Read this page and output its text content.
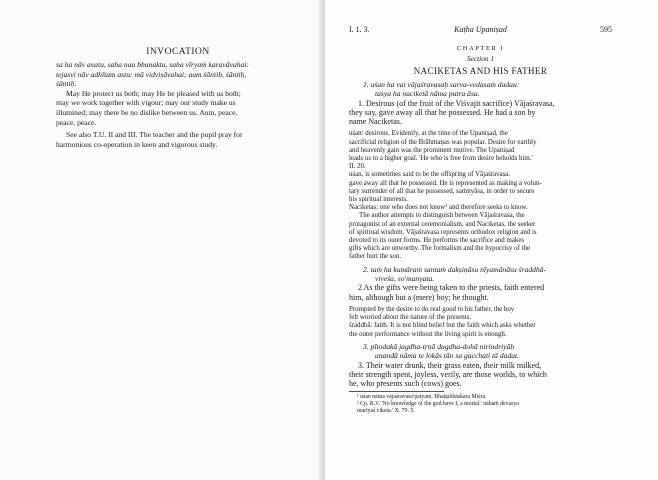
INVOCATION

sa ha nāv avatu, saha nau bhunaktu, saha vīryaṁ karavāvahai:

tejasvi nāv adhītam astu: mā vidviṣāvahai; aum śāntiḥ, śāntiḥ,

śāntiḥ.

May He protect us both; may He be pleased with us both;

may we work together with vigour; may our study make us

illumined; may there be no dislike between us. Aum, peace,

peace, peace.

See also T.U. II and III. The teacher and the pupil pray for

harmonious co-operation in keen and vigorous study.

I. 1. 3.	Kaṭha Upaniṣad	595

CHAPTER I

Section 1

NACIKETAS AND HIS FATHER

1. uśan ha vai vājaśravasaḥ sarva-vedasaṁ dadau:

tasya ha naciketā nāma putra āsa.

1. Desirous (of the fruit of the Viśvajit sacrifice) Vājaśravasa,

they say, gave away all that he possessed. He had a son by

name Naciketas.

uśan: desirous. Evidently, at the time of the Upaniṣad, the

sacrificial religion of the Brāhmaṇas was popular. Desire for earthly

and heavenly gain was the prominent motive. The Upaniṣad

leads us to a higher goal. 'He who is free from desire beholds him.'

II. 20.

uśan, is sometimes said to be the offspring of Vājaśravasa.

gave away all that he possessed. He is represented as making a volun-

tary surrender of all that he possessed, saṁnyāsa, in order to secure

his spiritual interests.

Naciketas: one who does not know¹ and therefore seeks to know.

The author attempts to distinguish between Vājaśravasa, the

protagonist of an external ceremonialism, and Naciketas, the seeker

of spiritual wisdom. Vājaśravasa represents orthodox religion and is

devoted to its outer forms. He performs the sacrifice and makes

gifts which are unworthy. The formalism and the hypocrisy of the

father hurt the son.

2. taṁ ha kumāraṁ santaṁ dakṣiṇāsu nīyamānāsu śraddhā-

viveśa, so'manyata.

2 As the gifts were being taken to the priests, faith entered

him, although but a (mere) boy; he thought.

Prompted by the desire to do real good to his father, the boy

felt worried about the nature of the presents.

śraddhā: faith. It is not blind belief but the faith which asks whether

the outer performance without the living spirit is enough.

3. pītodakā jagdha-tṛṇā dugdha-dohā nirindriyāḥ

anandā nāma te lokās tān sa gacchati tā dadat.

3. Their water drunk, their grass eaten, their milk milked,

their strength spent, joyless, verily, are those worlds, to which

he, who presents such (cows) goes.

¹ uśan nāma vājaśravaso'patyam. Bhaṭṭabhāskara Miśra.

² Cp. R.V. 'No knowledge of the god have I, a mortal.' nāhaṁ devasya

marīyaś ciketa.' X. 79. 5.
